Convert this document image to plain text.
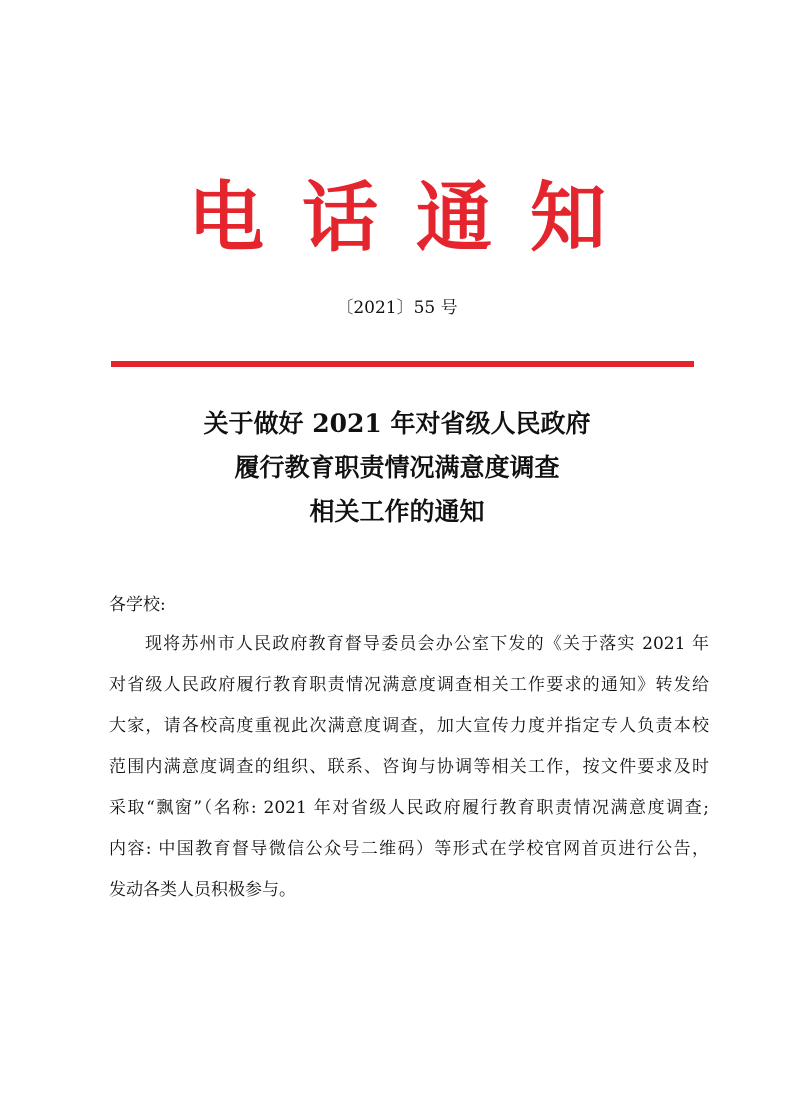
电话通知
〔2021〕55 号
关于做好 2021 年对省级人民政府
履行教育职责情况满意度调查
相关工作的通知
各学校:
现将苏州市人民政府教育督导委员会办公室下发的《关于落实 2021 年
对省级人民政府履行教育职责情况满意度调查相关工作要求的通知》转发给
大家，请各校高度重视此次满意度调查，加大宣传力度并指定专人负责本校
范围内满意度调查的组织、联系、咨询与协调等相关工作，按文件要求及时
采取“飘窗”（名称: 2021 年对省级人民政府履行教育职责情况满意度调查;
内容: 中国教育督导微信公众号二维码）等形式在学校官网首页进行公告，
发动各类人员积极参与。
